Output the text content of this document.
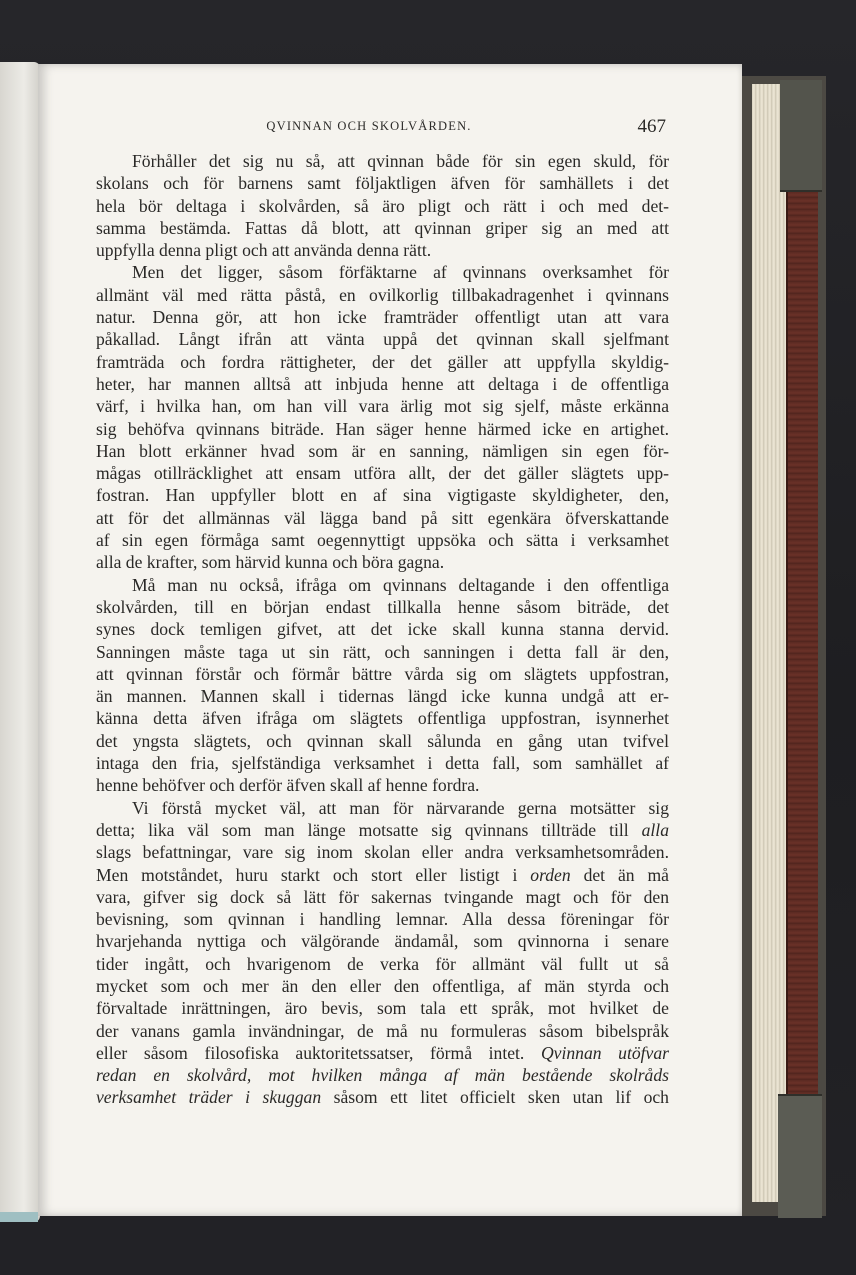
QVINNAN OCH SKOLVÅRDEN.	467
Förhåller det sig nu så, att qvinnan både för sin egen skuld, för
skolans och för barnens samt följaktligen äfven för samhällets i det
hela bör deltaga i skolvården, så äro pligt och rätt i och med det-
samma bestämda. Fattas då blott, att qvinnan griper sig an med att
uppfylla denna pligt och att använda denna rätt.
Men det ligger, såsom förfäktarne af qvinnans overksamhet för
allmänt väl med rätta påstå, en ovilkorlig tillbakadragenhet i qvinnans
natur. Denna gör, att hon icke framträder offentligt utan att vara
påkallad. Långt ifrån att vänta uppå det qvinnan skall sjelfmant
framträda och fordra rättigheter, der det gäller att uppfylla skyldig-
heter, har mannen alltså att inbjuda henne att deltaga i de offentliga
värf, i hvilka han, om han vill vara ärlig mot sig sjelf, måste erkänna
sig behöfva qvinnans biträde. Han säger henne härmed icke en artighet.
Han blott erkänner hvad som är en sanning, nämligen sin egen för-
mågas otillräcklighet att ensam utföra allt, der det gäller slägtets upp-
fostran. Han uppfyller blott en af sina vigtigaste skyldigheter, den,
att för det allmännas väl lägga band på sitt egenkära öfverskattande
af sin egen förmåga samt oegennyttigt uppsöka och sätta i verksamhet
alla de krafter, som härvid kunna och böra gagna.
Må man nu också, ifråga om qvinnans deltagande i den offentliga
skolvården, till en början endast tillkalla henne såsom biträde, det
synes dock temligen gifvet, att det icke skall kunna stanna dervid.
Sanningen måste taga ut sin rätt, och sanningen i detta fall är den,
att qvinnan förstår och förmår bättre vårda sig om slägtets uppfostran,
än mannen. Mannen skall i tidernas längd icke kunna undgå att er-
känna detta äfven ifråga om slägtets offentliga uppfostran, isynnerhet
det yngsta slägtets, och qvinnan skall sålunda en gång utan tvifvel
intaga den fria, sjelfständiga verksamhet i detta fall, som samhället af
henne behöfver och derför äfven skall af henne fordra.
Vi förstå mycket väl, att man för närvarande gerna motsätter sig
detta; lika väl som man länge motsatte sig qvinnans tillträde till alla
slags befattningar, vare sig inom skolan eller andra verksamhetsområden.
Men motståndet, huru starkt och stort eller listigt i orden det än må
vara, gifver sig dock så lätt för sakernas tvingande magt och för den
bevisning, som qvinnan i handling lemnar. Alla dessa föreningar för
hvarjehanda nyttiga och välgörande ändamål, som qvinnorna i senare
tider ingått, och hvarigenom de verka för allmänt väl fullt ut så
mycket som och mer än den eller den offentliga, af män styrda och
förvaltade inrättningen, äro bevis, som tala ett språk, mot hvilket de
der vanans gamla invändningar, de må nu formuleras såsom bibelspråk
eller såsom filosofiska auktoritetssatser, förmå intet. Qvinnan utöfvar
redan en skolvård, mot hvilken många af män bestående skolråds
verksamhet träder i skuggan såsom ett litet officielt sken utan lif och
